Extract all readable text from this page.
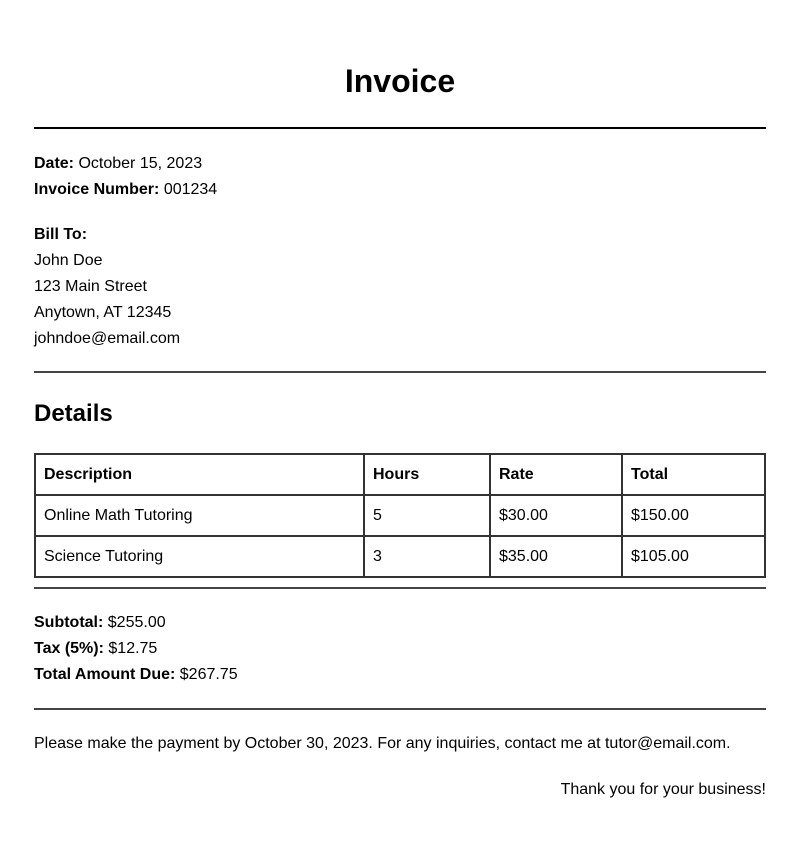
Invoice

Date: October 15, 2023

Invoice Number: 001234

Bill To:

John Doe

123 Main Street

Anytown, AT 12345

johndoe@email.com

Details
Description	Hours	Rate	Total
Online Math Tutoring	5	$30.00	$150.00
Science Tutoring	3	$35.00	$105.00

Subtotal: $255.00

Tax (5%): $12.75

Total Amount Due: $267.75

Please make the payment by October 30, 2023. For any inquiries, contact me at tutor@email.com.

Thank you for your business!
